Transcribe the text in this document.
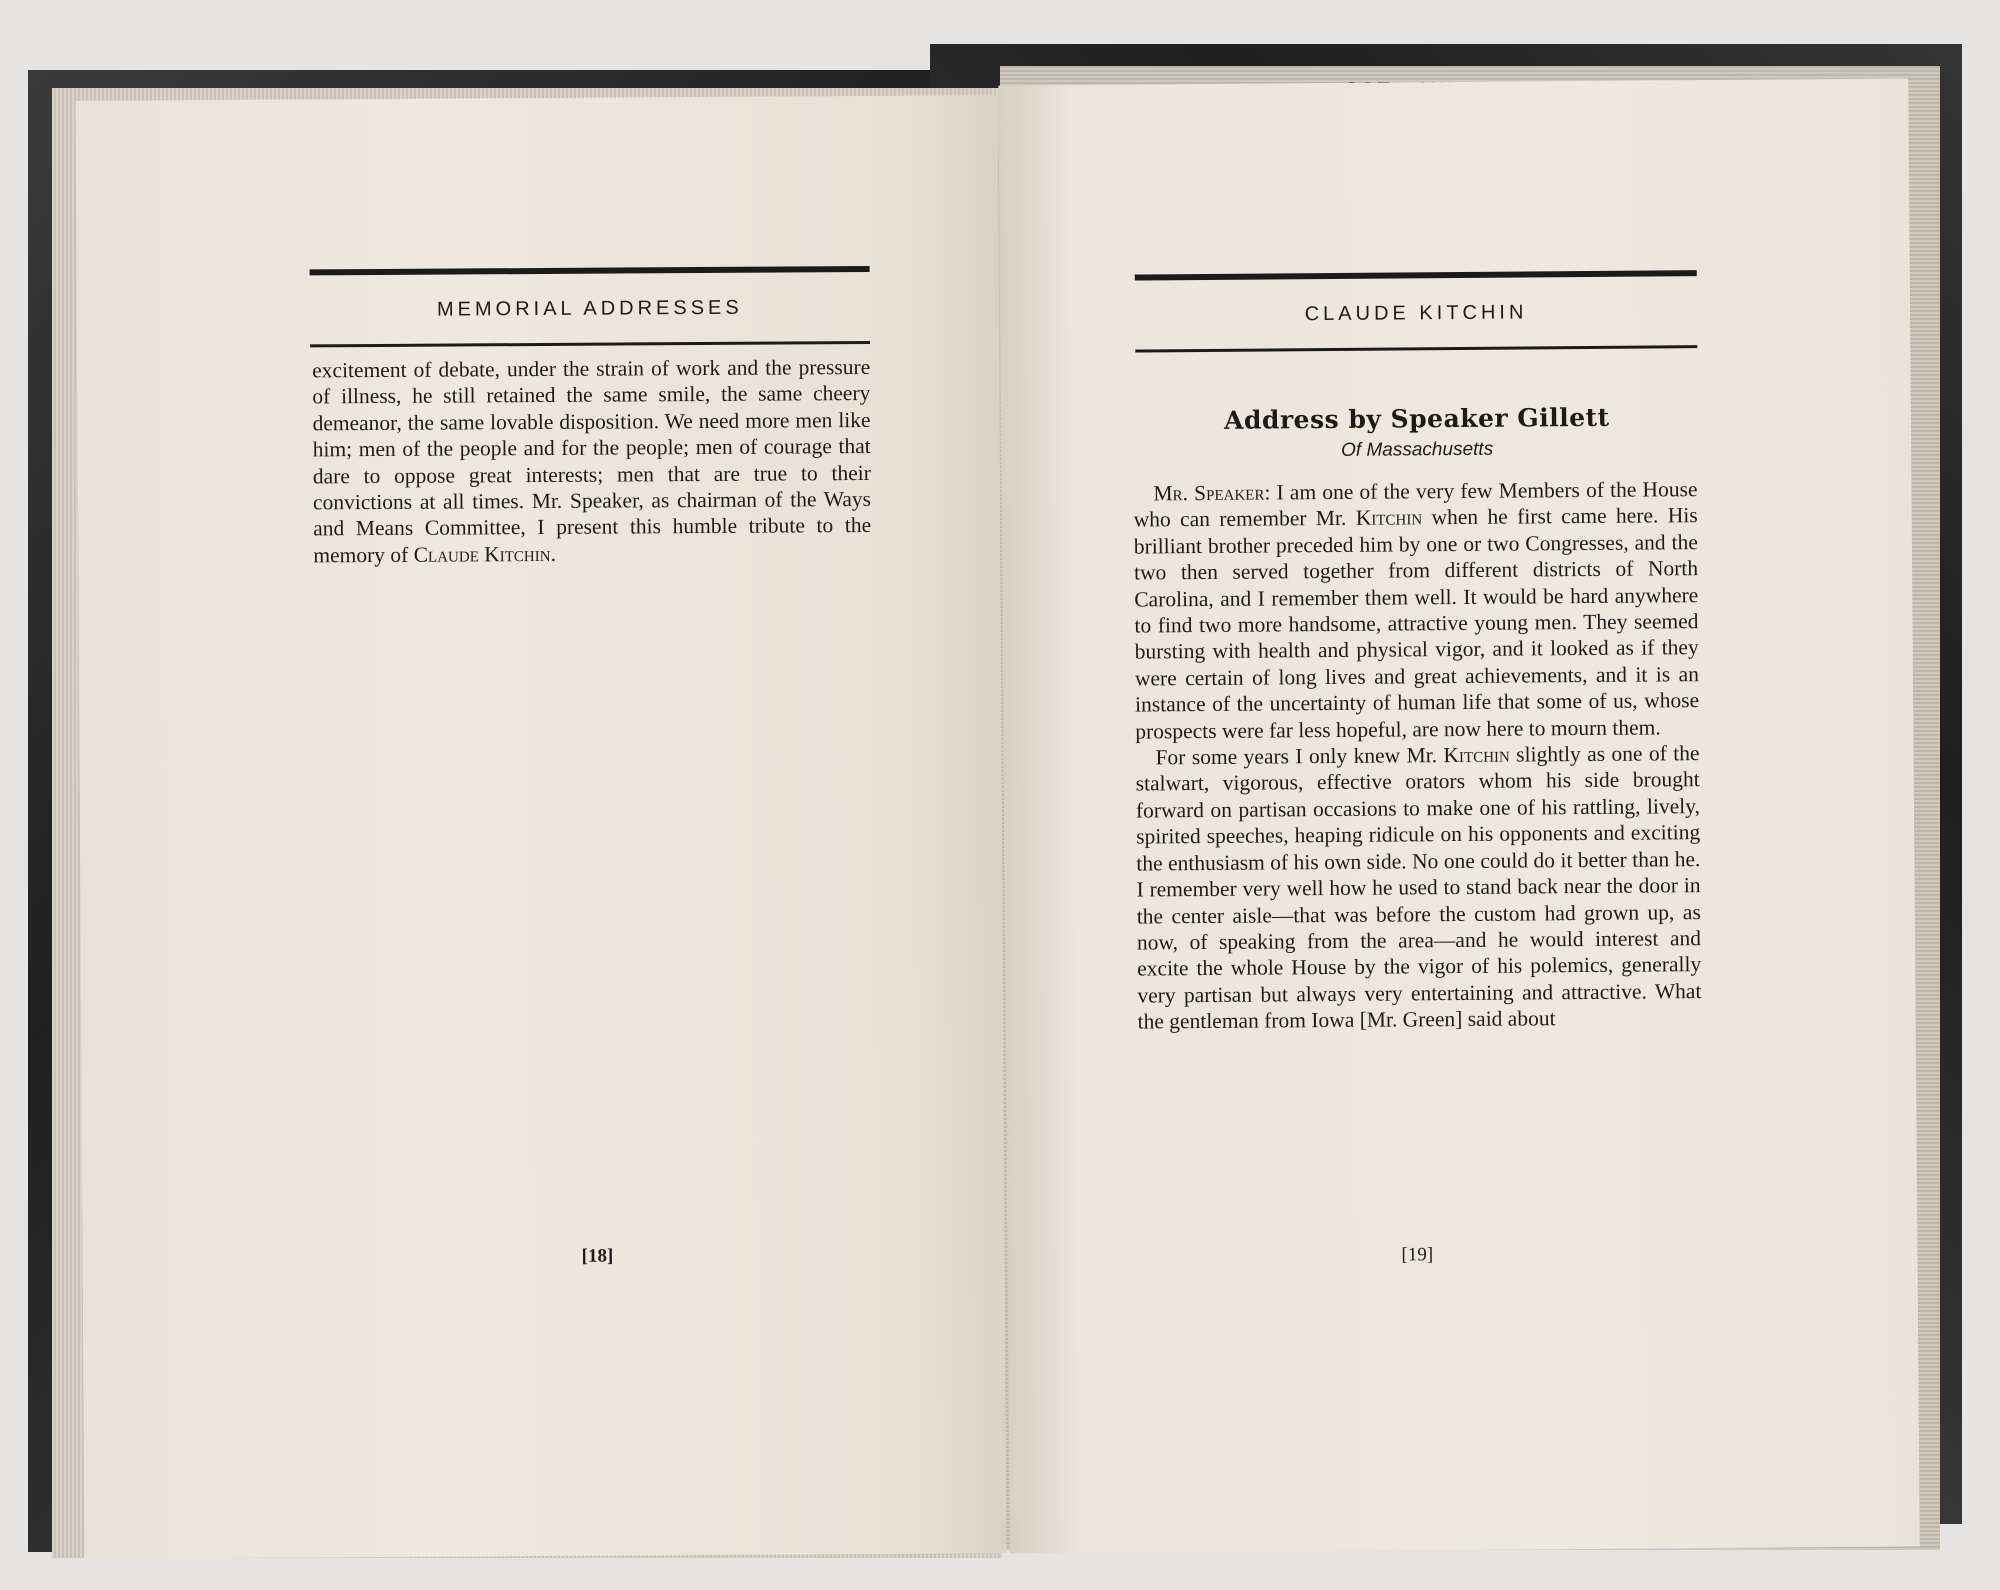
MEMORIAL ADDRESSES

excitement of debate, under the strain of work and the pressure of illness, he still retained the same smile, the same cheery demeanor, the same lovable disposition. We need more men like him; men of the people and for the people; men of courage that dare to oppose great interests; men that are true to their convictions at all times. Mr. Speaker, as chairman of the Ways and Means Committee, I present this humble tribute to the memory of Claude Kitchin.

[18]
CLAUDE KITCHIN
Address by Speaker Gillett
Of Massachusetts

Mr. Speaker: I am one of the very few Members of the House who can remember Mr. Kitchin when he first came here. His brilliant brother preceded him by one or two Congresses, and the two then served together from different districts of North Carolina, and I remember them well. It would be hard anywhere to find two more handsome, attractive young men. They seemed bursting with health and physical vigor, and it looked as if they were certain of long lives and great achievements, and it is an instance of the uncertainty of human life that some of us, whose prospects were far less hopeful, are now here to mourn them.

For some years I only knew Mr. Kitchin slightly as one of the stalwart, vigorous, effective orators whom his side brought forward on partisan occasions to make one of his rattling, lively, spirited speeches, heaping ridicule on his opponents and exciting the enthusiasm of his own side. No one could do it better than he. I remember very well how he used to stand back near the door in the center aisle—that was before the custom had grown up, as now, of speaking from the area—and he would interest and excite the whole House by the vigor of his polemics, generally very partisan but always very entertaining and attractive. What the gentleman from Iowa [Mr. Green] said about

[19]
